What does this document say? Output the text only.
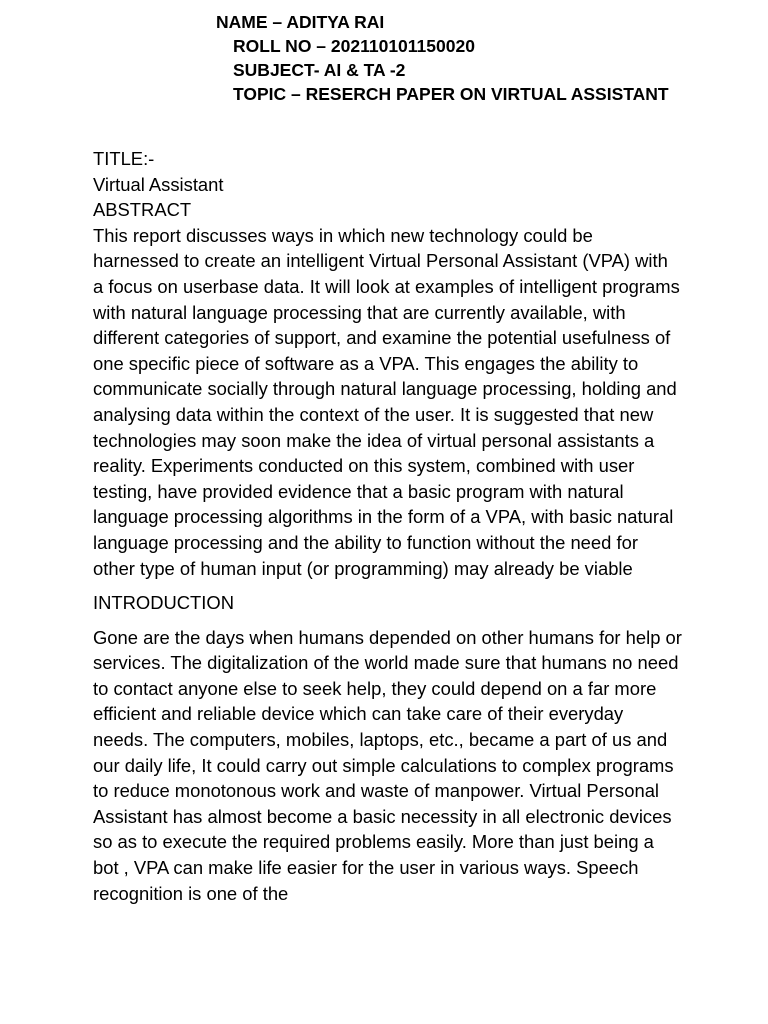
NAME – ADITYA RAI
ROLL NO – 202110101150020
SUBJECT- AI & TA -2
TOPIC – RESERCH PAPER ON VIRTUAL ASSISTANT

TITLE:-

Virtual Assistant

ABSTRACT

This report discusses ways in which new technology could be harnessed to create an intelligent Virtual Personal Assistant (VPA) with a focus on userbase data. It will look at examples of intelligent programs with natural language processing that are currently available, with different categories of support, and examine the potential usefulness of one specific piece of software as a VPA. This engages the ability to communicate socially through natural language processing, holding and analysing data within the context of the user. It is suggested that new technologies may soon make the idea of virtual personal assistants a reality. Experiments conducted on this system, combined with user testing, have provided evidence that a basic program with natural language processing algorithms in the form of a VPA, with basic natural language processing and the ability to function without the need for other type of human input (or programming) may already be viable

INTRODUCTION

Gone are the days when humans depended on other humans for help or services. The digitalization of the world made sure that humans no need to contact anyone else to seek help, they could depend on a far more efficient and reliable device which can take care of their everyday needs. The computers, mobiles, laptops, etc., became a part of us and our daily life, It could carry out simple calculations to complex programs to reduce monotonous work and waste of manpower. Virtual Personal Assistant has almost become a basic necessity in all electronic devices so as to execute the required problems easily. More than just being a bot , VPA can make life easier for the user in various ways. Speech recognition is one of the
